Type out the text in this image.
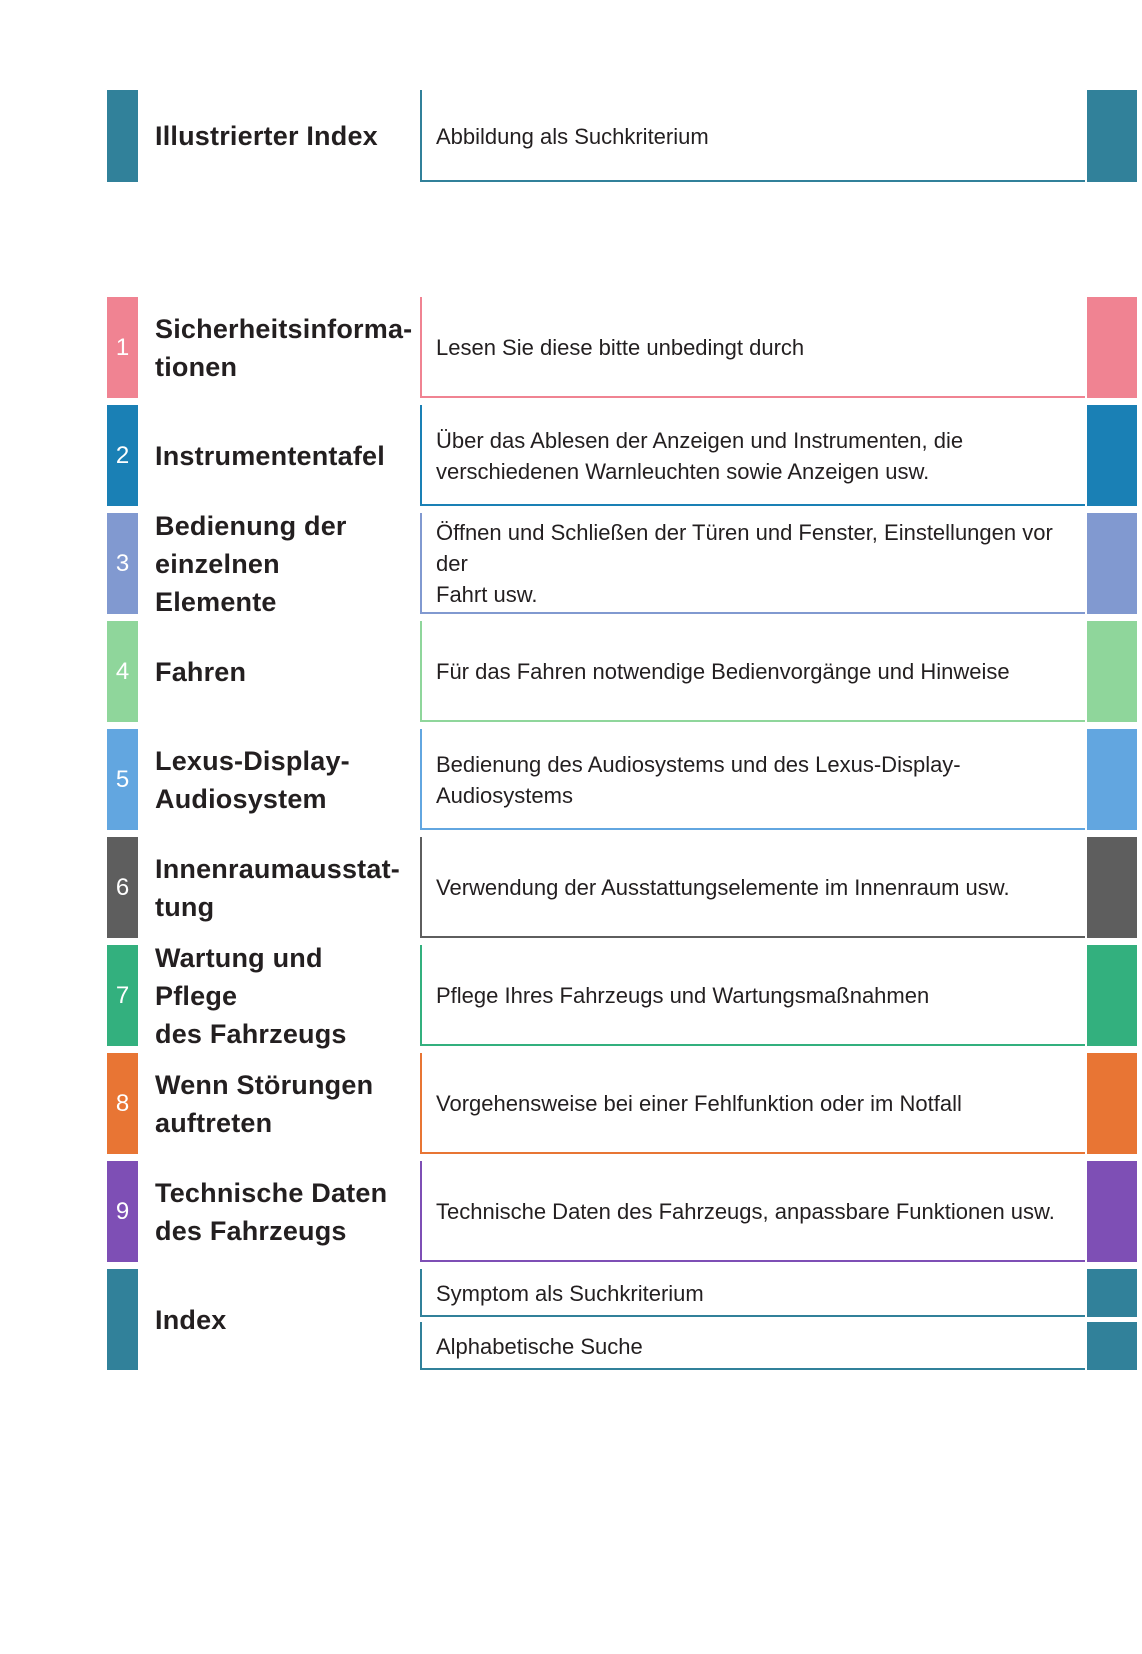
Illustrierter Index	Abbildung als Suchkriterium
1
Sicherheitsinforma-
tionen
Lesen Sie diese bitte unbedingt durch
2 Instrumententafel
Über das Ablesen der Anzeigen und Instrumenten, die
verschiedenen Warnleuchten sowie Anzeigen usw.
3
Bedienung der
einzelnen Elemente
Öffnen und Schließen der Türen und Fenster, Einstellungen vor der
Fahrt usw.
4 Fahren	Für das Fahren notwendige Bedienvorgänge und Hinweise
5
Lexus-Display-
Audiosystem
Bedienung des Audiosystems und des Lexus-Display-
Audiosystems
6
Innenraumausstat-
tung
Verwendung der Ausstattungselemente im Innenraum usw.
7
Wartung und Pflege
des Fahrzeugs
Pflege Ihres Fahrzeugs und Wartungsmaßnahmen
8
Wenn Störungen
auftreten
Vorgehensweise bei einer Fehlfunktion oder im Notfall
9
Technische Daten
des Fahrzeugs
Technische Daten des Fahrzeugs, anpassbare Funktionen usw.
Index
Symptom als Suchkriterium
Alphabetische Suche
